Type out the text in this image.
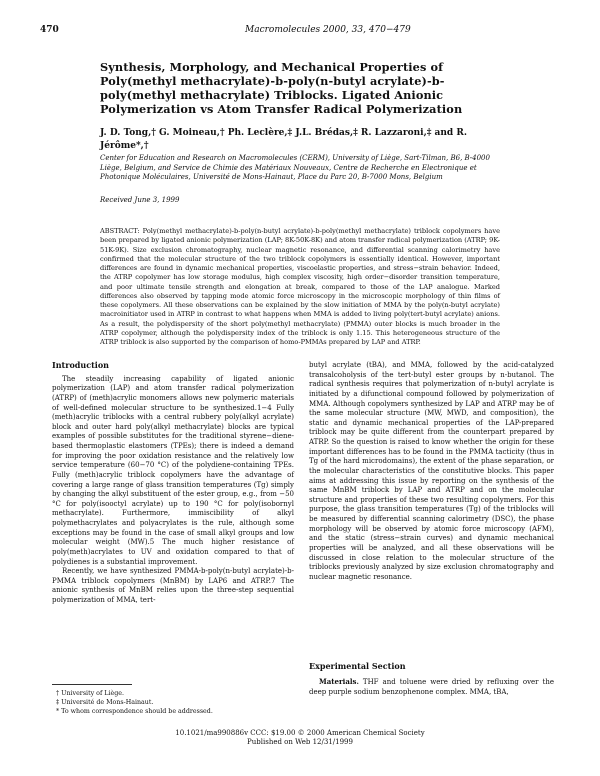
470	Macromolecules 2000, 33, 470−479
Synthesis, Morphology, and Mechanical Properties of Poly(methyl methacrylate)-b-poly(n-butyl acrylate)-b-poly(methyl methacrylate) Triblocks. Ligated Anionic Polymerization vs Atom Transfer Radical Polymerization
J. D. Tong,† G. Moineau,† Ph. Leclère,‡ J.L. Brédas,‡ R. Lazzaroni,‡ and R. Jérôme*,†
Center for Education and Research on Macromolecules (CERM), University of Liège, Sart-Tilman, B6, B-4000 Liège, Belgium, and Service de Chimie des Matériaux Nouveaux, Centre de Recherche en Electronique et Photonique Moléculaires, Université de Mons-Hainaut, Place du Parc 20, B-7000 Mons, Belgium
Received June 3, 1999
ABSTRACT: Poly(methyl methacrylate)-b-poly(n-butyl acrylate)-b-poly(methyl methacrylate) triblock copolymers have been prepared by ligated anionic polymerization (LAP; 8K-50K-8K) and atom transfer radical polymerization (ATRP; 9K-51K-9K). Size exclusion chromatography, nuclear magnetic resonance, and differential scanning calorimetry have confirmed that the molecular structure of the two triblock copolymers is essentially identical. However, important differences are found in dynamic mechanical properties, viscoelastic properties, and stress−strain behavior. Indeed, the ATRP copolymer has low storage modulus, high complex viscosity, high order−disorder transition temperature, and poor ultimate tensile strength and elongation at break, compared to those of the LAP analogue. Marked differences also observed by tapping mode atomic force microscopy in the microscopic morphology of thin films of these copolymers. All these observations can be explained by the slow initiation of MMA by the poly(n-butyl acrylate) macroinitiator used in ATRP in contrast to what happens when MMA is added to living poly(tert-butyl acrylate) anions. As a result, the polydispersity of the short poly(methyl methacrylate) (PMMA) outer blocks is much broader in the ATRP copolymer, although the polydispersity index of the triblock is only 1.15. This heterogeneous structure of the ATRP triblock is also supported by the comparison of homo-PMMAs prepared by LAP and ATRP.
Introduction

The steadily increasing capability of ligated anionic polymerization (LAP) and atom transfer radical polymerization (ATRP) of (meth)acrylic monomers allows new polymeric materials of well-defined molecular structure to be synthesized.1−4 Fully (meth)acrylic triblocks with a central rubbery poly(alkyl acrylate) block and outer hard poly(alkyl methacrylate) blocks are typical examples of possible substitutes for the traditional styrene−diene-based thermoplastic elastomers (TPEs); there is indeed a demand for improving the poor oxidation resistance and the relatively low service temperature (60−70 °C) of the polydiene-containing TPEs. Fully (meth)acrylic triblock copolymers have the advantage of covering a large range of glass transition temperatures (Tg) simply by changing the alkyl substituent of the ester group, e.g., from −50 °C for poly(isooctyl acrylate) up to 190 °C for poly(isobornyl methacrylate). Furthermore, immiscibility of alkyl polymethacrylates and polyacrylates is the rule, although some exceptions may be found in the case of small alkyl groups and low molecular weight (MW).5 The much higher resistance of poly(meth)acrylates to UV and oxidation compared to that of polydienes is a substantial improvement.

Recently, we have synthesized PMMA-b-poly(n-butyl acrylate)-b-PMMA triblock copolymers (MnBM) by LAP6 and ATRP.7 The anionic synthesis of MnBM relies upon the three-step sequential polymerization of MMA, tert-

butyl acrylate (tBA), and MMA, followed by the acid-catalyzed transalcoholysis of the tert-butyl ester groups by n-butanol. The radical synthesis requires that polymerization of n-butyl acrylate is initiated by a difunctional compound followed by polymerization of MMA. Although copolymers synthesized by LAP and ATRP may be of the same molecular structure (MW, MWD, and composition), the static and dynamic mechanical properties of the LAP-prepared triblock may be quite different from the counterpart prepared by ATRP. So the question is raised to know whether the origin for these important differences has to be found in the PMMA tacticity (thus in Tg of the hard microdomains), the extent of the phase separation, or the molecular characteristics of the constitutive blocks. This paper aims at addressing this issue by reporting on the synthesis of the same MnBM triblock by LAP and ATRP and on the molecular structure and properties of these two resulting copolymers. For this purpose, the glass transition temperatures (Tg) of the triblocks will be measured by differential scanning calorimetry (DSC), the phase morphology will be observed by atomic force microscopy (AFM), and the static (stress−strain curves) and dynamic mechanical properties will be analyzed, and all these observations will be discussed in close relation to the molecular structure of the triblocks previously analyzed by size exclusion chromatography and nuclear magnetic resonance.

Experimental Section
Materials. THF and toluene were dried by refluxing over the deep purple sodium benzophenone complex. MMA, tBA,
† University of Liège.
‡ Université de Mons-Hainaut.
* To whom correspondence should be addressed.
10.1021/ma990886v CCC: $19.00 © 2000 American Chemical Society
Published on Web 12/31/1999
